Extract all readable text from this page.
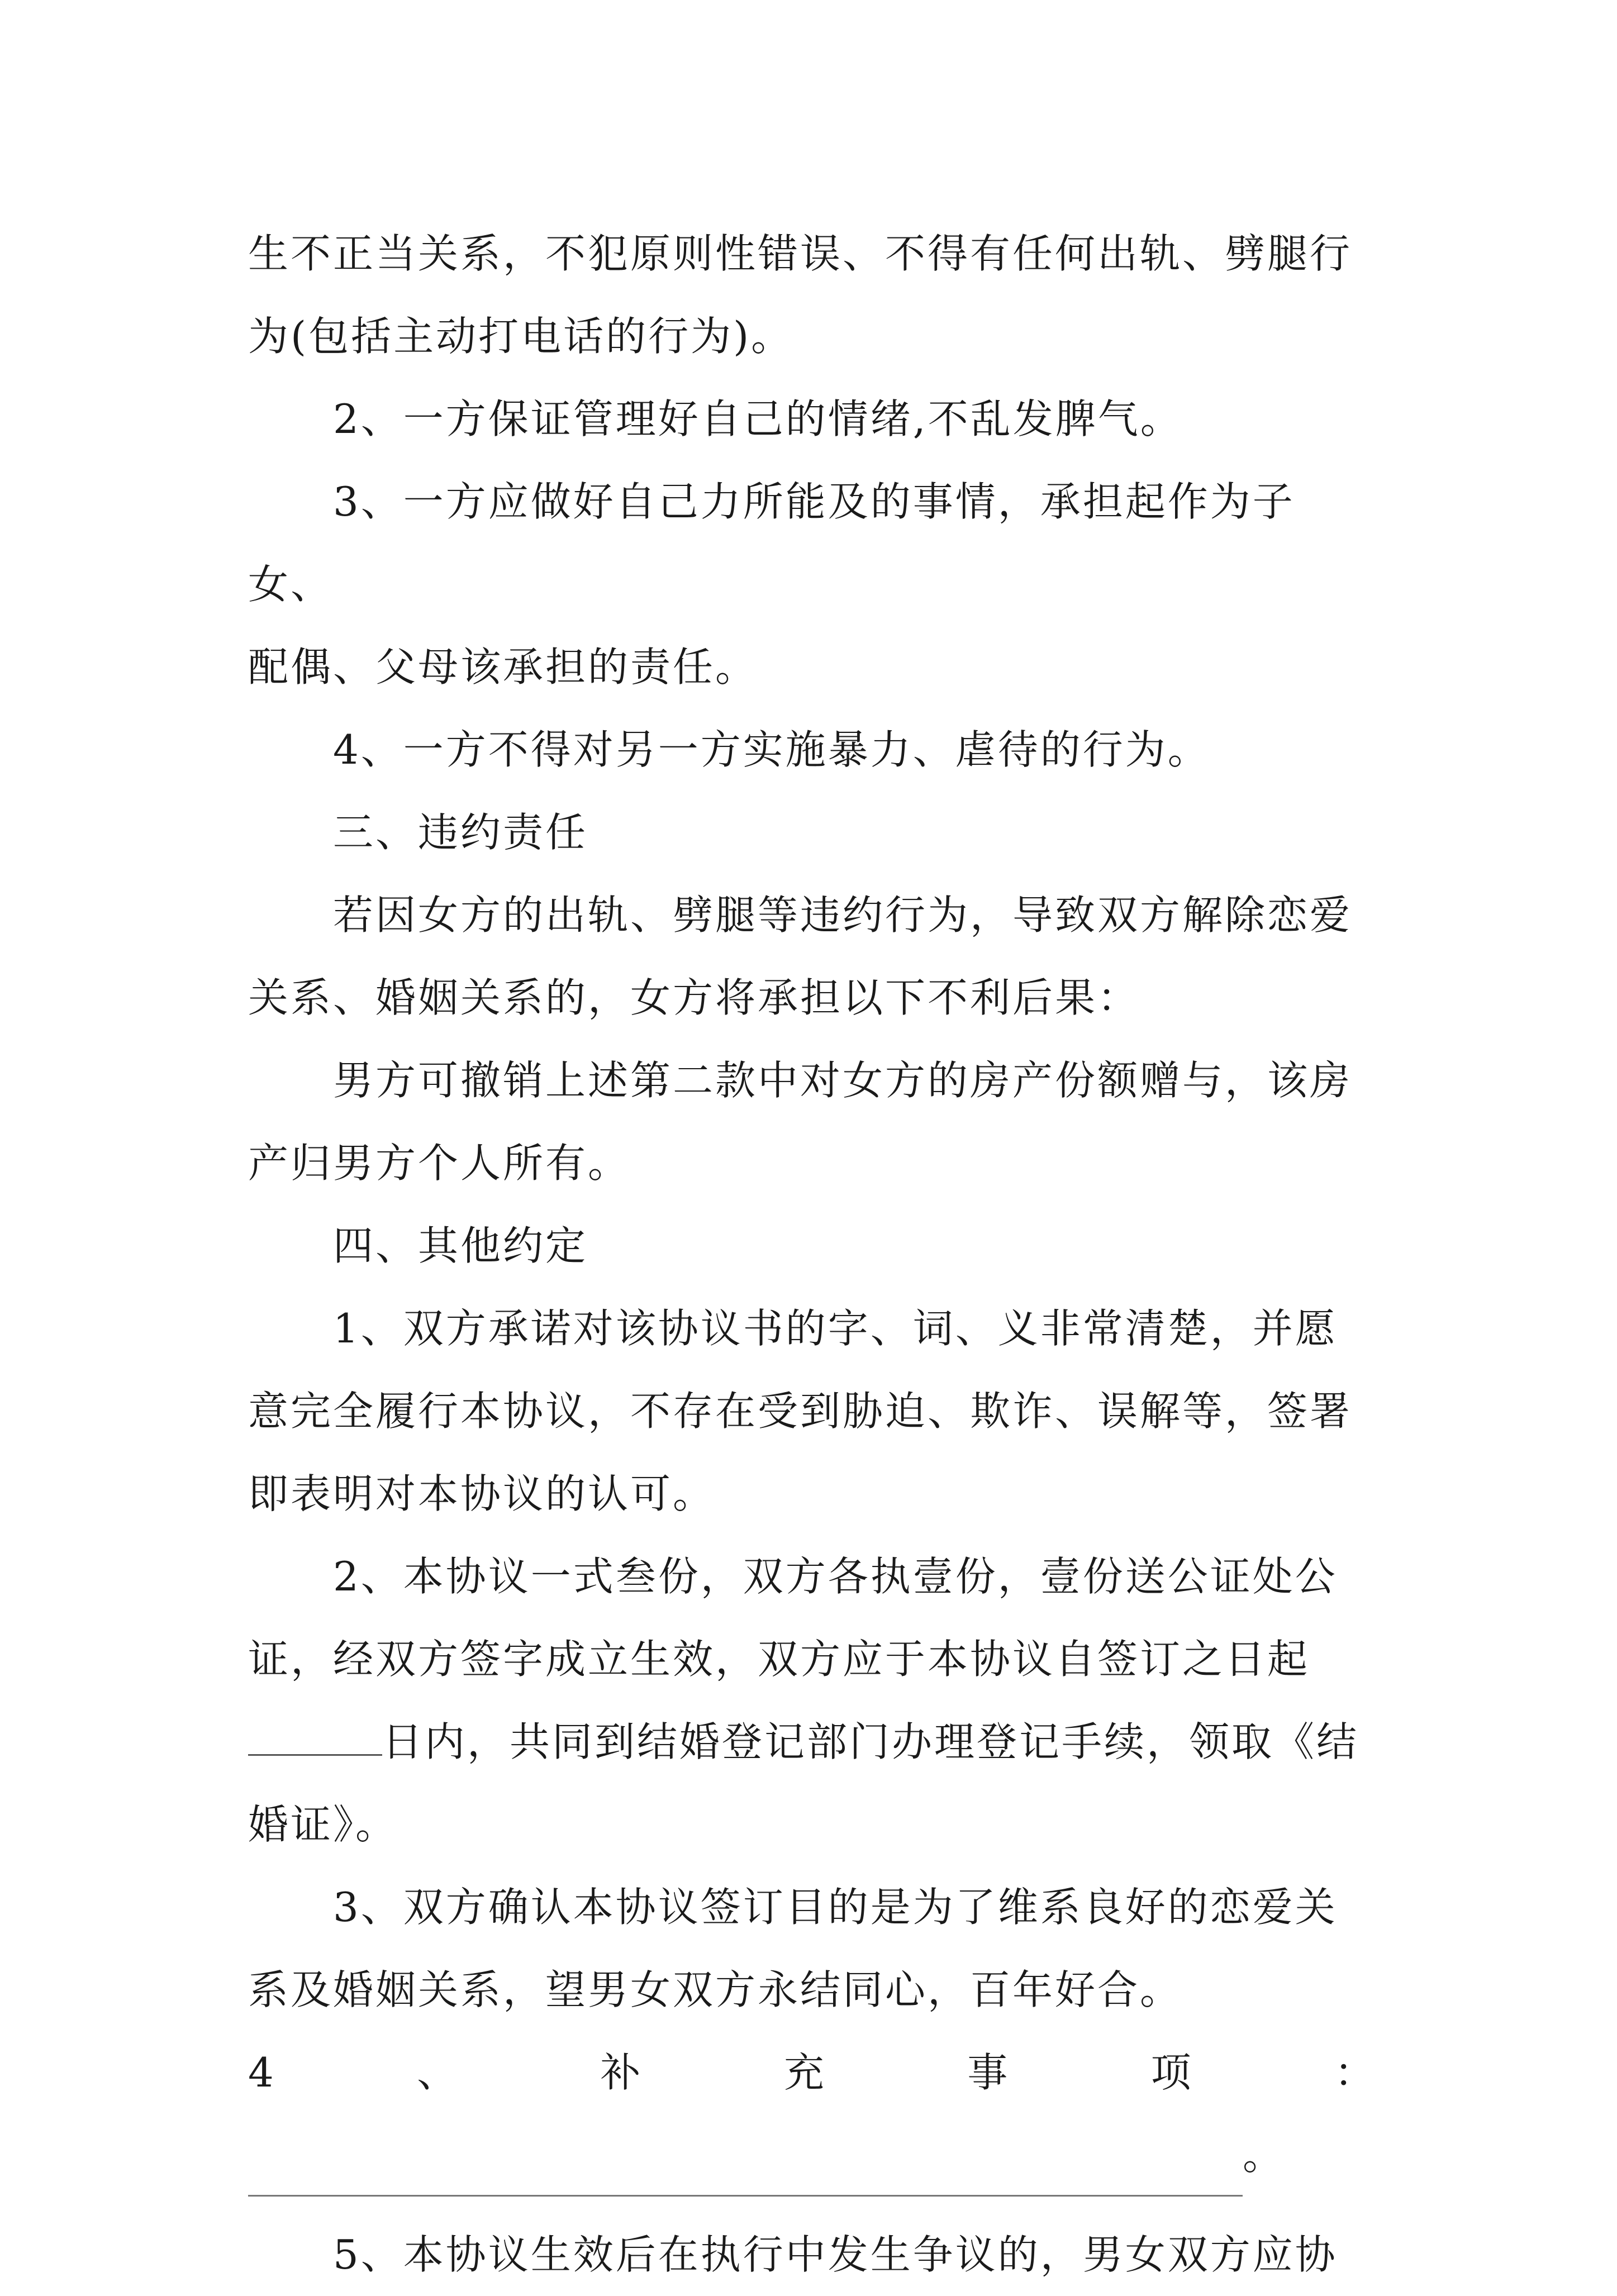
生不正当关系，不犯原则性错误、不得有任何出轨、劈腿行

为(包括主动打电话的行为)。

2、一方保证管理好自己的情绪,不乱发脾气。

3、一方应做好自己力所能及的事情，承担起作为子女、

配偶、父母该承担的责任。

4、一方不得对另一方实施暴力、虐待的行为。

三、违约责任

若因女方的出轨、劈腿等违约行为，导致双方解除恋爱

关系、婚姻关系的，女方将承担以下不利后果：

男方可撤销上述第二款中对女方的房产份额赠与，该房

产归男方个人所有。

四、其他约定

1、双方承诺对该协议书的字、词、义非常清楚，并愿

意完全履行本协议，不存在受到胁迫、欺诈、误解等，签署

即表明对本协议的认可。

2、本协议一式叁份，双方各执壹份，壹份送公证处公

证，经双方签字成立生效，双方应于本协议自签订之日起

日内，共同到结婚登记部门办理登记手续，领取《结

婚证》。

3、双方确认本协议签订目的是为了维系良好的恋爱关

系及婚姻关系，望男女双方永结同心，百年好合。

4	、	补	充	事	项	：

。

5、本协议生效后在执行中发生争议的，男女双方应协
